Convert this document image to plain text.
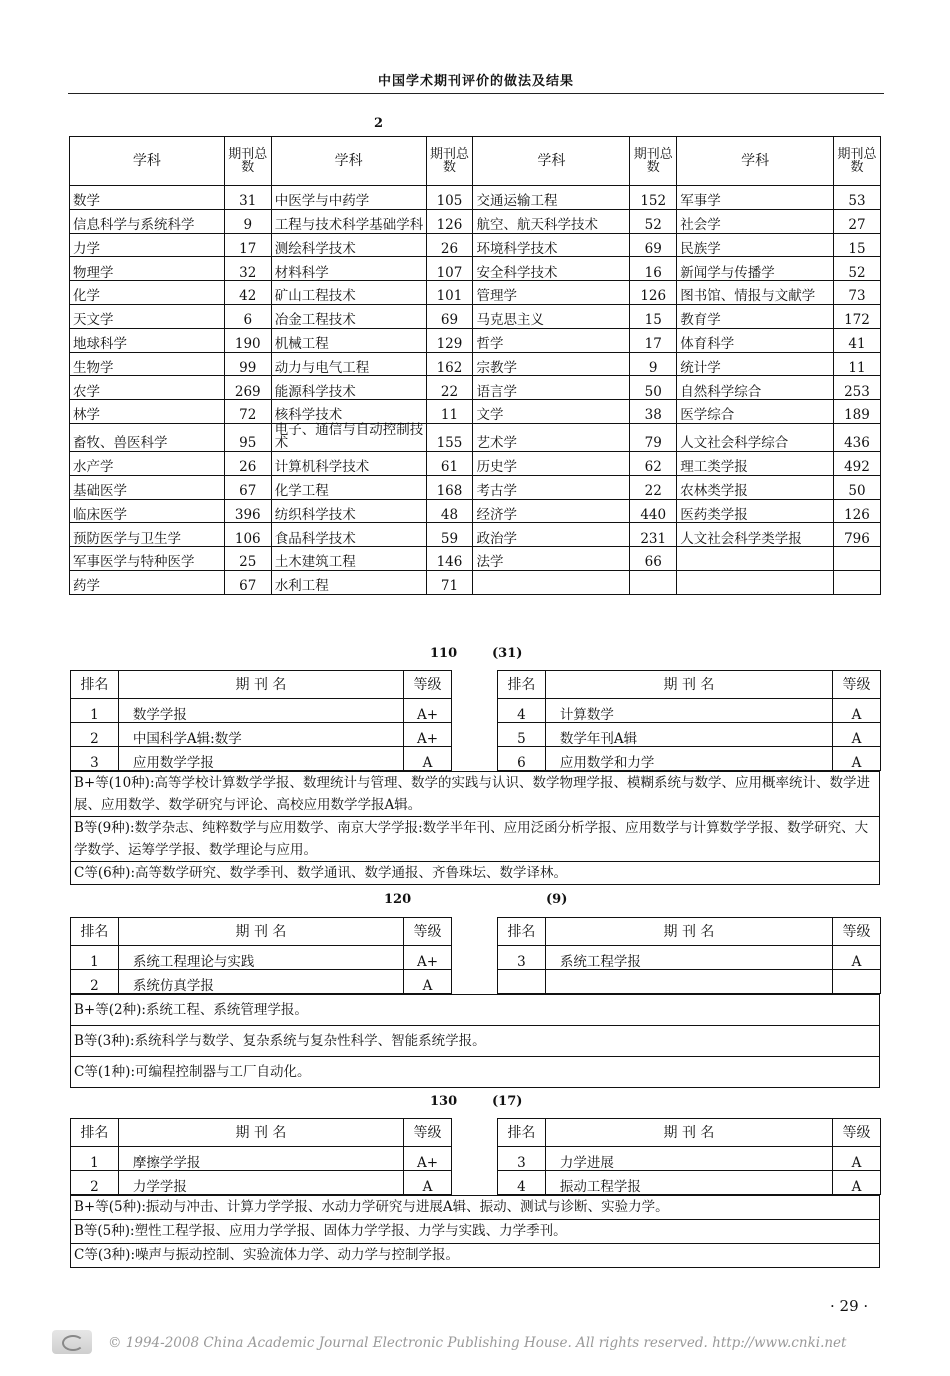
中国学术期刊评价的做法及结果
2
学科	期刊总数	学科	期刊总数	学科	期刊总数	学科	期刊总数
数学	31	中医学与中药学	105	交通运输工程	152	军事学	53
信息科学与系统科学	9	工程与技术科学基础学科	126	航空、航天科学技术	52	社会学	27
力学	17	测绘科学技术	26	环境科学技术	69	民族学	15
物理学	32	材料科学	107	安全科学技术	16	新闻学与传播学	52
化学	42	矿山工程技术	101	管理学	126	图书馆、情报与文献学	73
天文学	6	冶金工程技术	69	马克思主义	15	教育学	172
地球科学	190	机械工程	129	哲学	17	体育科学	41
生物学	99	动力与电气工程	162	宗教学	9	统计学	11
农学	269	能源科学技术	22	语言学	50	自然科学综合	253
林学	72	核科学技术	11	文学	38	医学综合	189
畜牧、兽医科学	95	电子、通信与自动控制技术	155	艺术学	79	人文社会科学综合	436
水产学	26	计算机科学技术	61	历史学	62	理工类学报	492
基础医学	67	化学工程	168	考古学	22	农林类学报	50
临床医学	396	纺织科学技术	48	经济学	440	医药类学报	126
预防医学与卫生学	106	食品科学技术	59	政治学	231	人文社会科学类学报	796
军事医学与特种医学	25	土木建筑工程	146	法学	66		
药学	67	水利工程	71				
110	(31)
排名	期 刊 名	等级
1	数学学报	A+
2	中国科学A辑:数学	A+
3	应用数学学报	A
排名	期 刊 名	等级
4	计算数学	A
5	数学年刊A辑	A
6	应用数学和力学	A
B+等(10种):高等学校计算数学学报、数理统计与管理、数学的实践与认识、数学物理学报、模糊系统与数学、应用概率统计、数学进展、应用数学、数学研究与评论、高校应用数学学报A辑。
B等(9种):数学杂志、纯粹数学与应用数学、南京大学学报:数学半年刊、应用泛函分析学报、应用数学与计算数学学报、数学研究、大学数学、运筹学学报、数学理论与应用。
C等(6种):高等数学研究、数学季刊、数学通讯、数学通报、齐鲁珠坛、数学译林。
120	(9)
排名	期 刊 名	等级
1	系统工程理论与实践	A+
2	系统仿真学报	A
排名	期 刊 名	等级
3	系统工程学报	A

B+等(2种):系统工程、系统管理学报。
B等(3种):系统科学与数学、复杂系统与复杂性科学、智能系统学报。
C等(1种):可编程控制器与工厂自动化。
130	(17)
排名	期 刊 名	等级
1	摩擦学学报	A+
2	力学学报	A
排名	期 刊 名	等级
3	力学进展	A
4	振动工程学报	A
B+等(5种):振动与冲击、计算力学学报、水动力学研究与进展A辑、振动、测试与诊断、实验力学。
B等(5种):塑性工程学报、应用力学学报、固体力学学报、力学与实践、力学季刊。
C等(3种):噪声与振动控制、实验流体力学、动力学与控制学报。
· 29 ·
© 1994-2008 China Academic Journal Electronic Publishing House. All rights reserved. http://www.cnki.net
